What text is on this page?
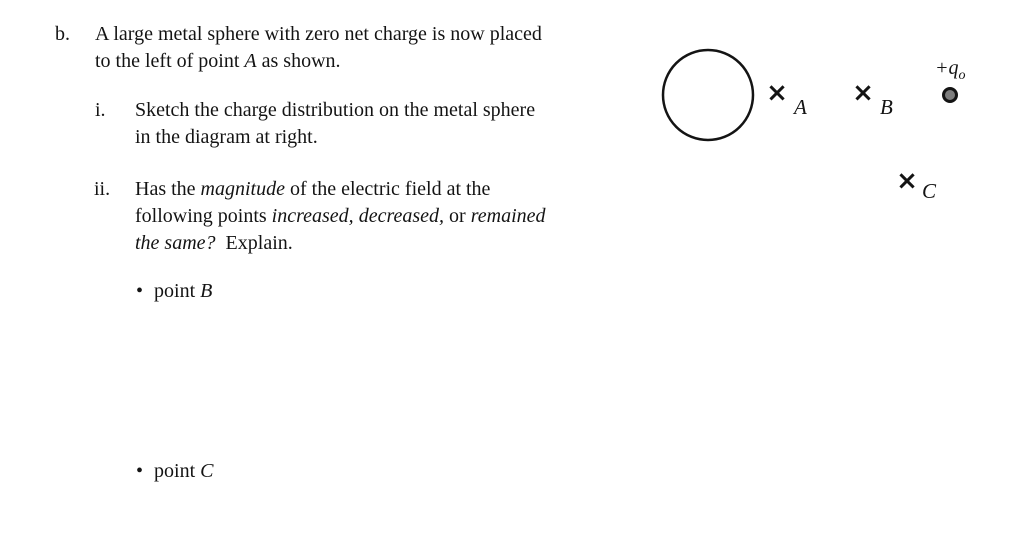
b. A large metal sphere with zero net charge is now placed
to the left of point A as shown.
i. Sketch the charge distribution on the metal sphere
in the diagram at right.
ii. Has the magnitude of the electric field at the
following points increased, decreased, or remained
the same?  Explain.
• point B
• point C
× A × B
$+q_o$
× C
